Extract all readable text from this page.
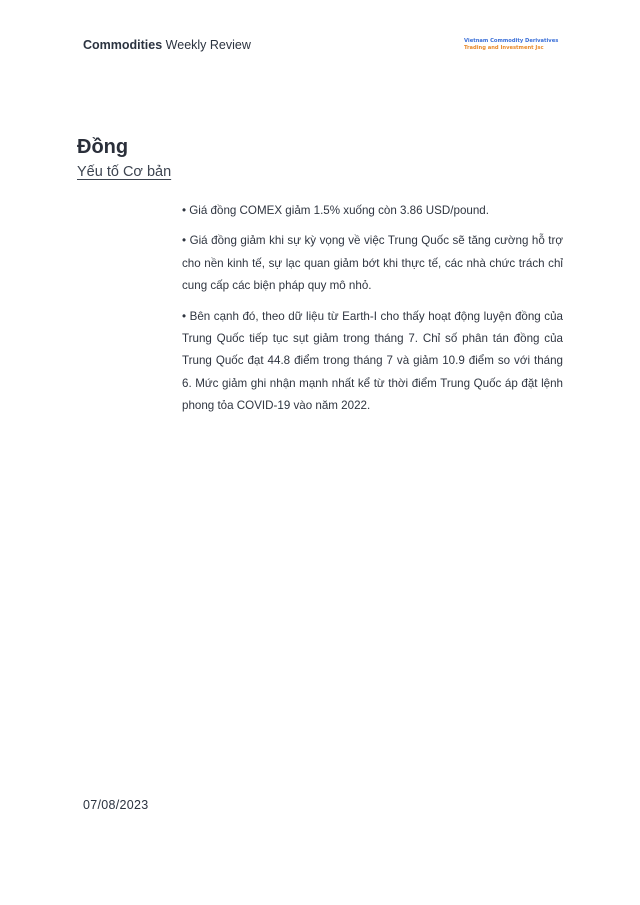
Commodities Weekly Review	Vietnam Commodity Derivatives
Trading and Investment Jsc
Đồng
Yếu tố Cơ bản

• Giá đồng COMEX giảm 1.5% xuống còn 3.86 USD/pound.

• Giá đồng giảm khi sự kỳ vọng về việc Trung Quốc sẽ tăng cường hỗ trợ cho nền kinh tế, sự lạc quan giảm bớt khi thực tế, các nhà chức trách chỉ cung cấp các biện pháp quy mô nhỏ.

• Bên cạnh đó, theo dữ liệu từ Earth-I cho thấy hoạt động luyện đồng của Trung Quốc tiếp tục sụt giảm trong tháng 7. Chỉ số phân tán đồng của Trung Quốc đạt 44.8 điểm trong tháng 7 và giảm 10.9 điểm so với tháng 6. Mức giảm ghi nhận mạnh nhất kể từ thời điểm Trung Quốc áp đặt lệnh phong tỏa COVID-19 vào năm 2022.

07/08/2023
